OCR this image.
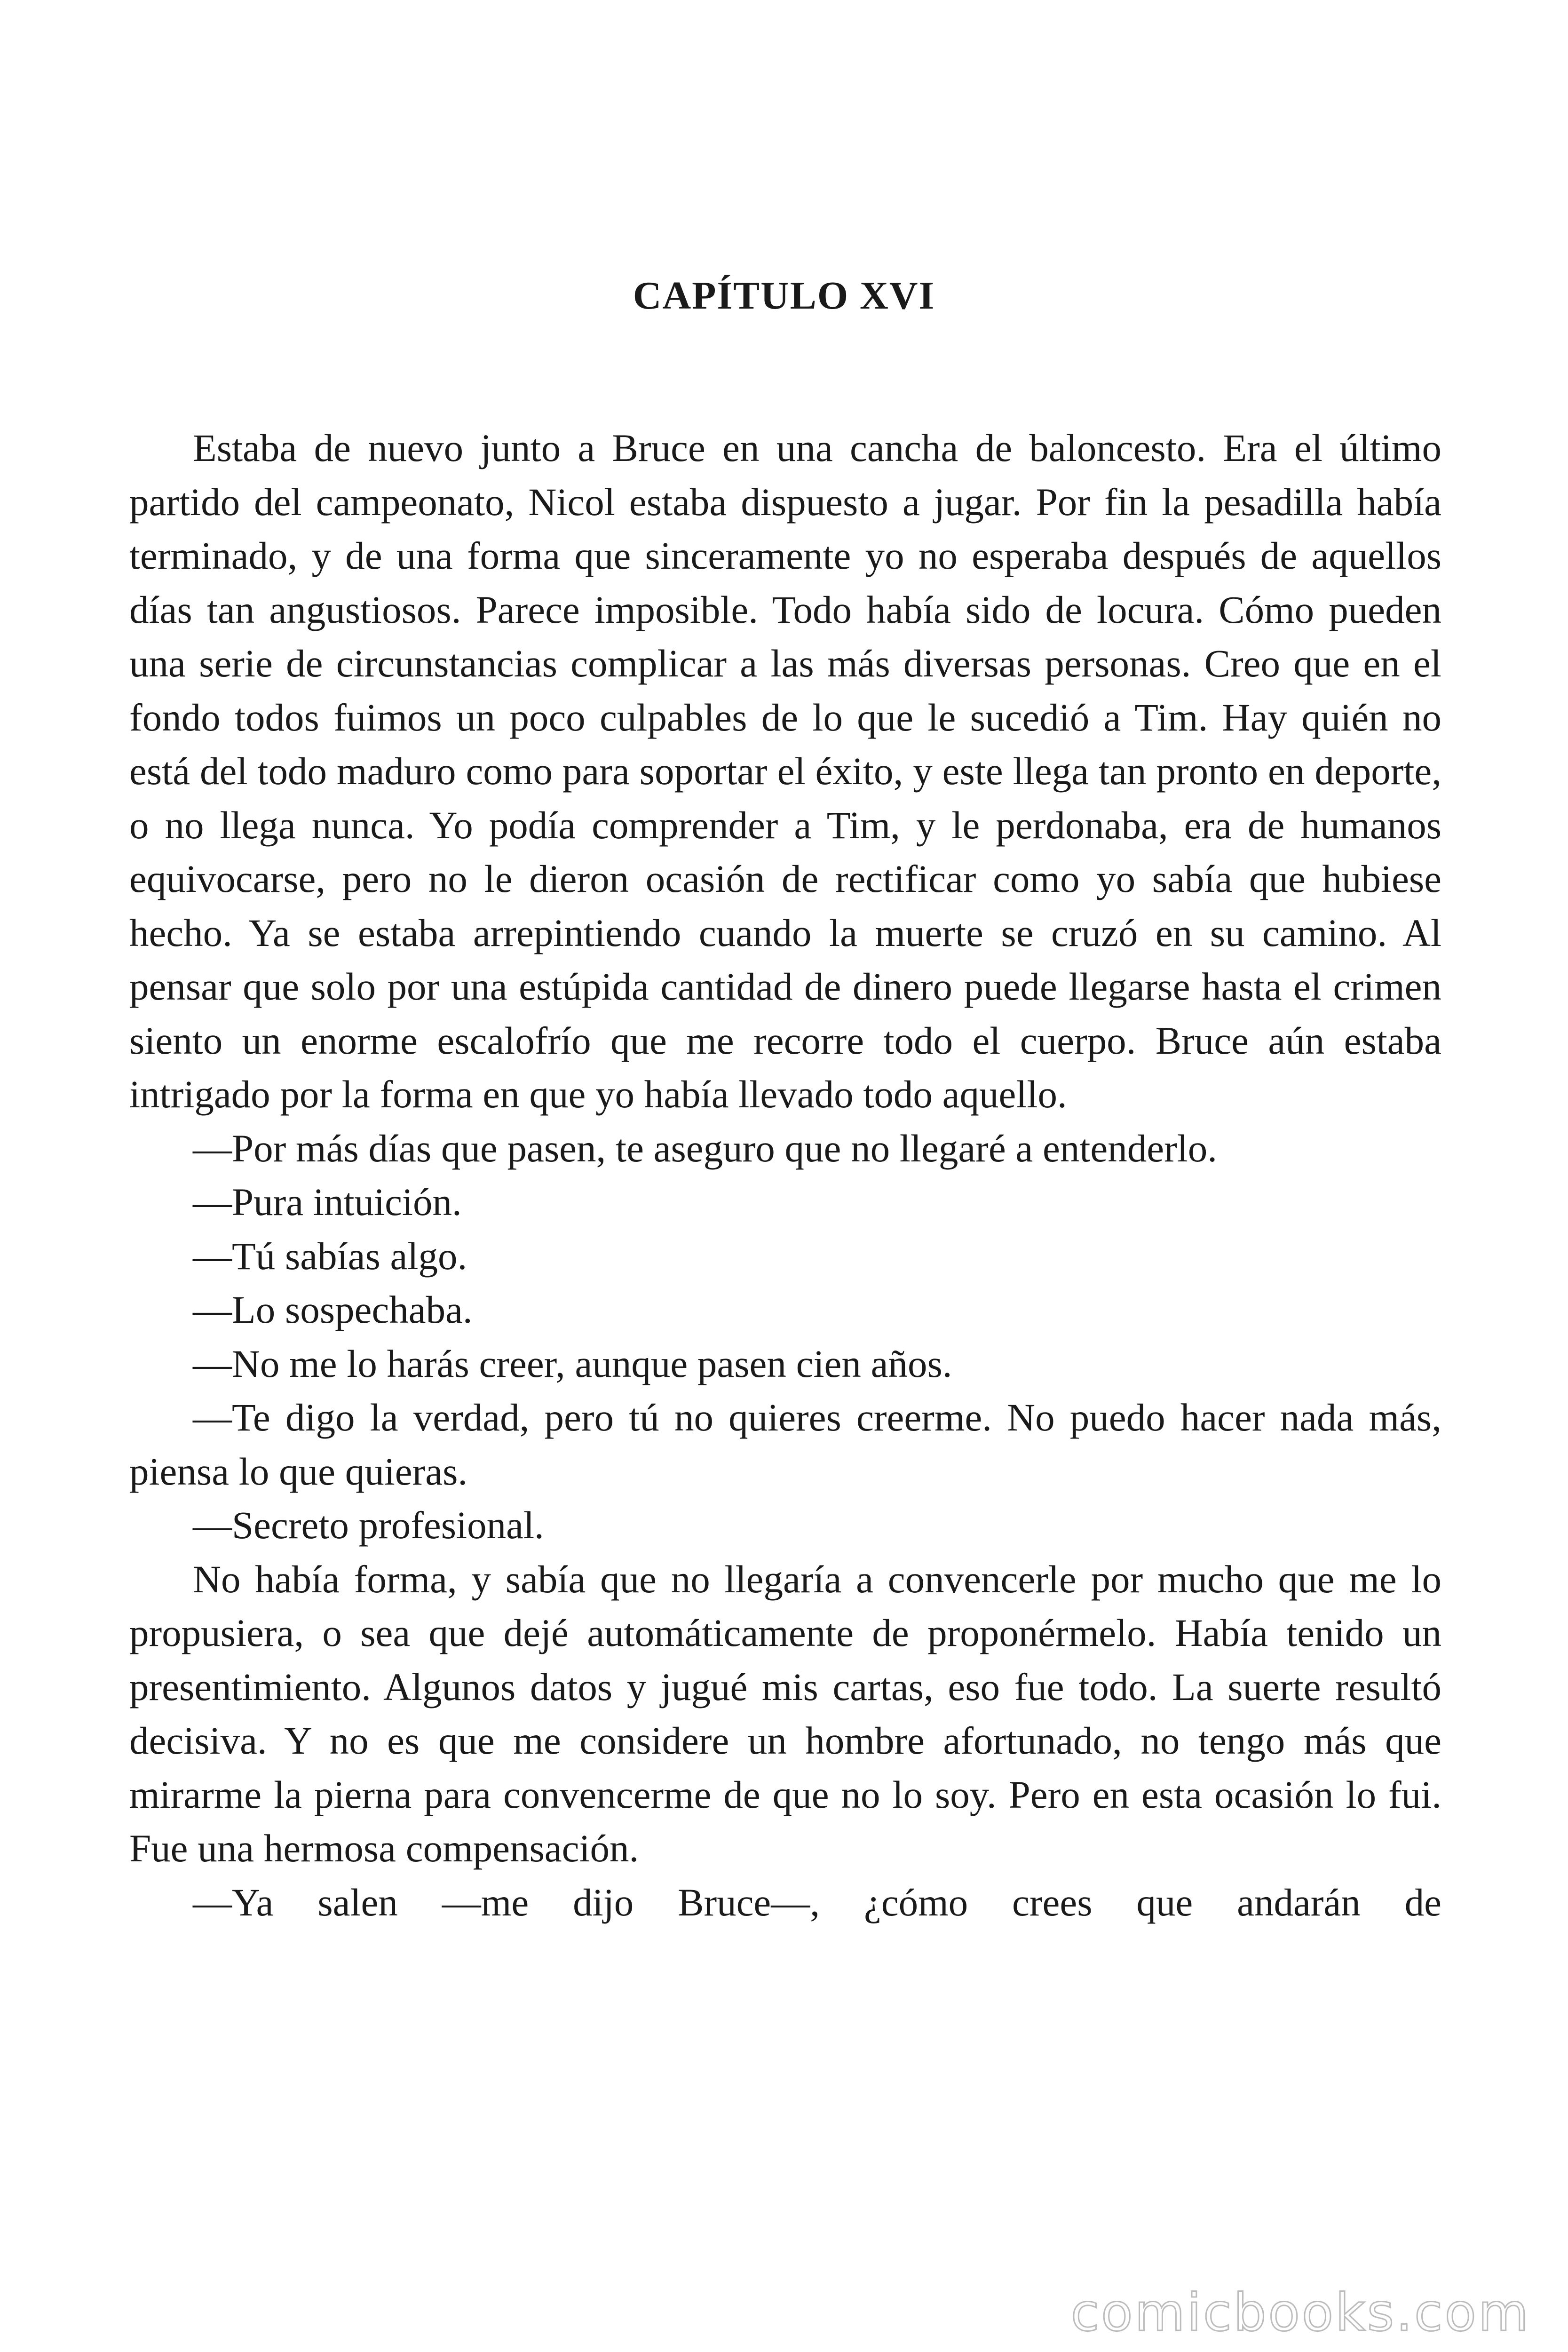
CAPÍTULO XVI

Estaba de nuevo junto a Bruce en una cancha de baloncesto. Era el último partido del campeonato, Nicol estaba dispuesto a jugar. Por fin la pesadilla había terminado, y de una forma que sinceramente yo no esperaba después de aquellos días tan angustiosos. Parece imposible. Todo había sido de locura. Cómo pueden una serie de circunstancias complicar a las más diversas personas. Creo que en el fondo todos fuimos un poco culpables de lo que le sucedió a Tim. Hay quién no está del todo maduro como para soportar el éxito, y este llega tan pronto en deporte, o no llega nunca. Yo podía comprender a Tim, y le perdonaba, era de humanos equivocarse, pero no le dieron ocasión de rectificar como yo sabía que hubiese hecho. Ya se estaba arrepintiendo cuando la muerte se cruzó en su camino. Al pensar que solo por una estúpida cantidad de dinero puede llegarse hasta el crimen siento un enorme escalofrío que me recorre todo el cuerpo. Bruce aún estaba intrigado por la forma en que yo había llevado todo aquello.

—Por más días que pasen, te aseguro que no llegaré a entenderlo.

—Pura intuición.

—Tú sabías algo.

—Lo sospechaba.

—No me lo harás creer, aunque pasen cien años.

—Te digo la verdad, pero tú no quieres creerme. No puedo hacer nada más, piensa lo que quieras.

—Secreto profesional.

No había forma, y sabía que no llegaría a convencerle por mucho que me lo propusiera, o sea que dejé automáticamente de proponérmelo. Había tenido un presentimiento. Algunos datos y jugué mis cartas, eso fue todo. La suerte resultó decisiva. Y no es que me considere un hombre afortunado, no tengo más que mirarme la pierna para convencerme de que no lo soy. Pero en esta ocasión lo fui. Fue una hermosa compensación.

—Ya salen —me dijo Bruce—, ¿cómo crees que andarán de

comicbooks.com
